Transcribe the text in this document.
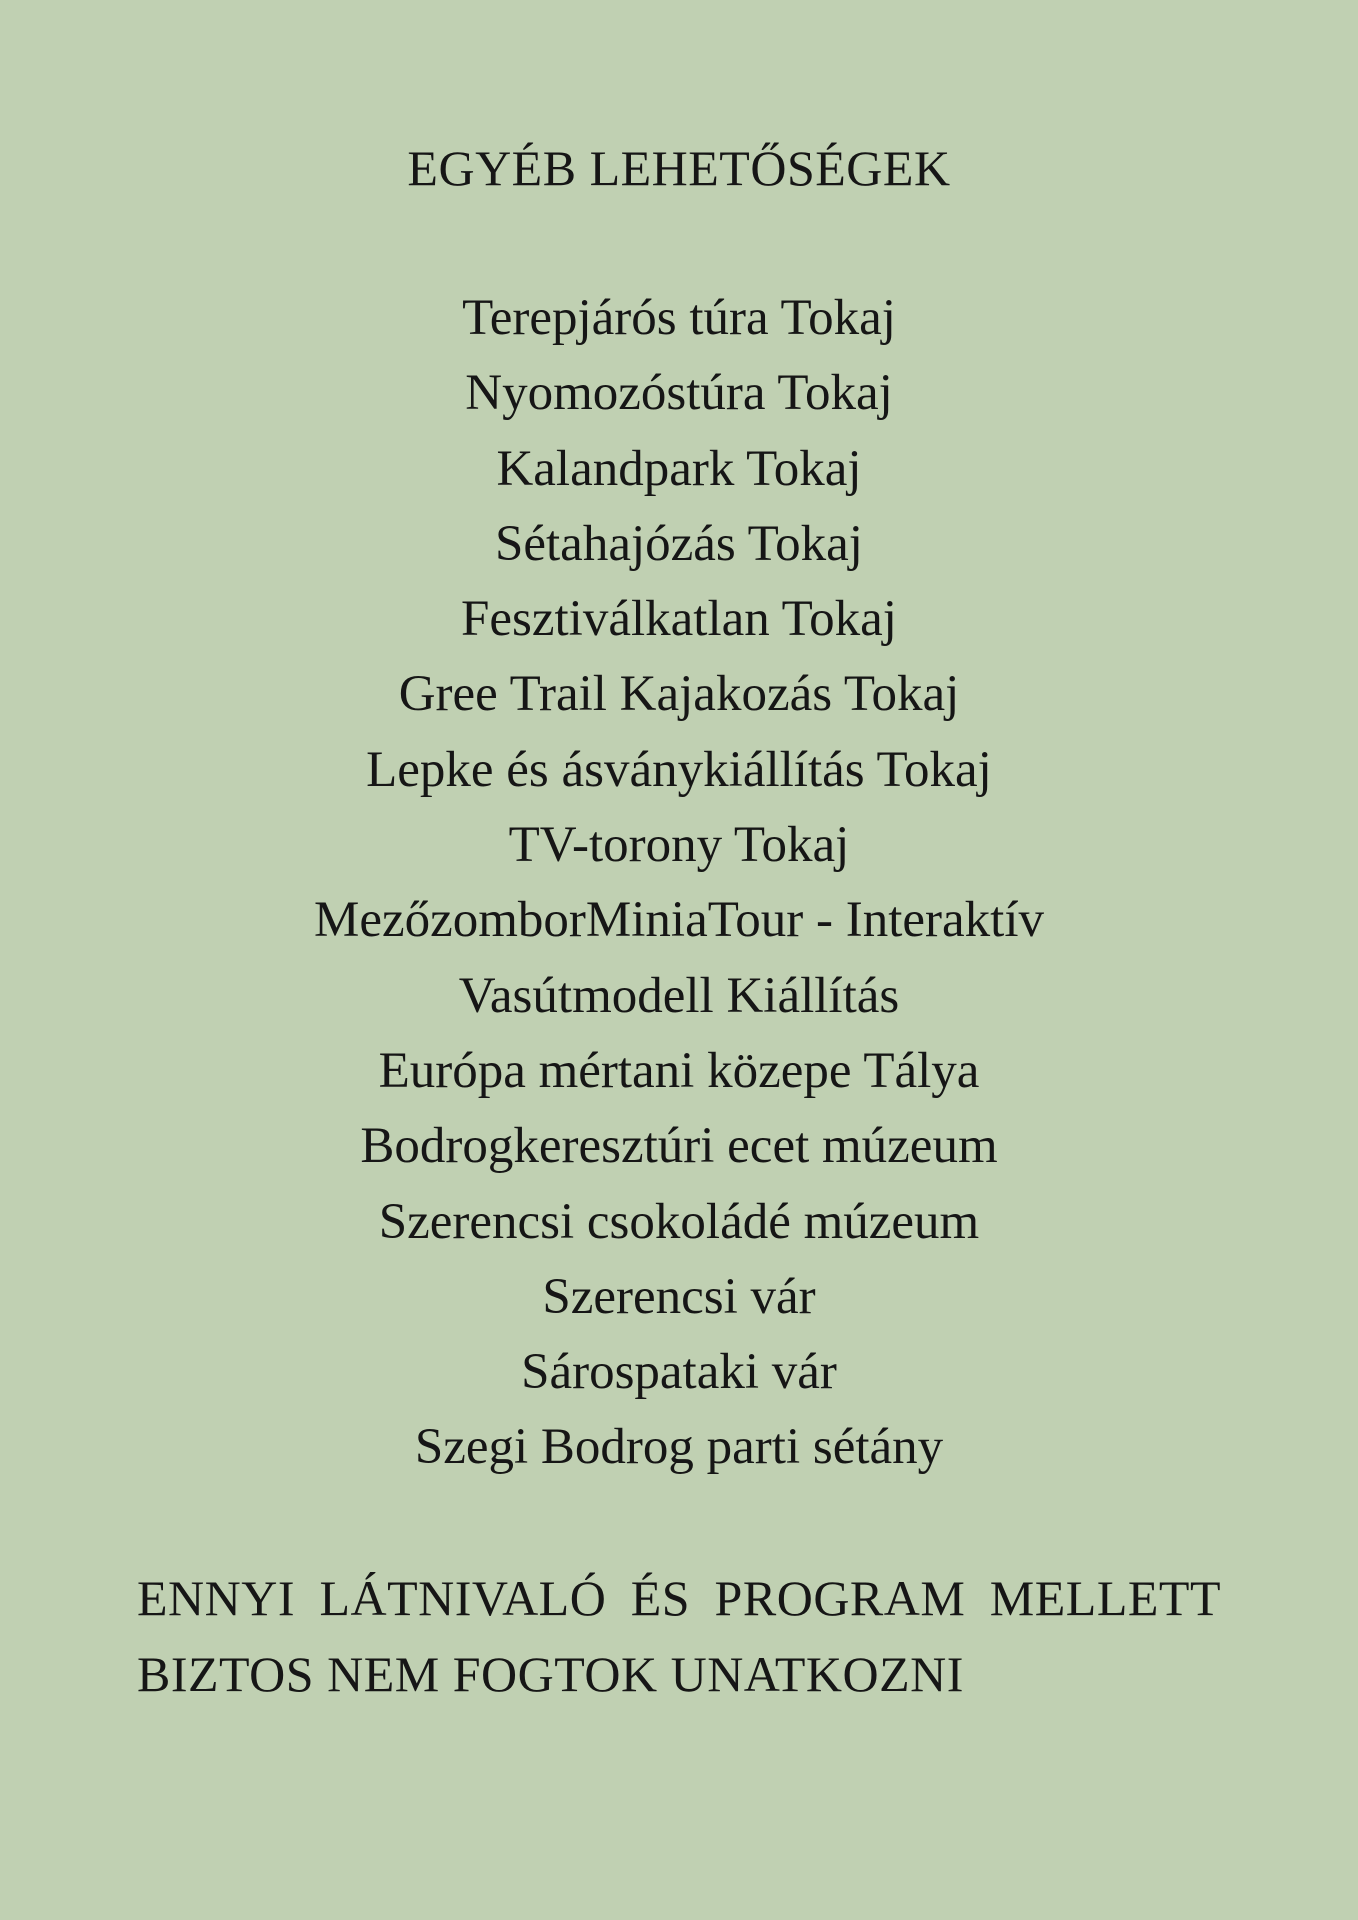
EGYÉB LEHETŐSÉGEK
Terepjárós túra Tokaj
Nyomozóstúra Tokaj
Kalandpark Tokaj
Sétahajózás Tokaj
Fesztiválkatlan Tokaj
Gree Trail Kajakozás Tokaj
Lepke és ásványkiállítás Tokaj
TV-torony Tokaj
MezőzomborMiniaTour - Interaktív
Vasútmodell Kiállítás
Európa mértani közepe Tálya
Bodrogkeresztúri ecet múzeum
Szerencsi csokoládé múzeum
Szerencsi vár
Sárospataki vár
Szegi Bodrog parti sétány

ENNYI LÁTNIVALÓ ÉS PROGRAM MELLETT BIZTOS NEM FOGTOK UNATKOZNI
